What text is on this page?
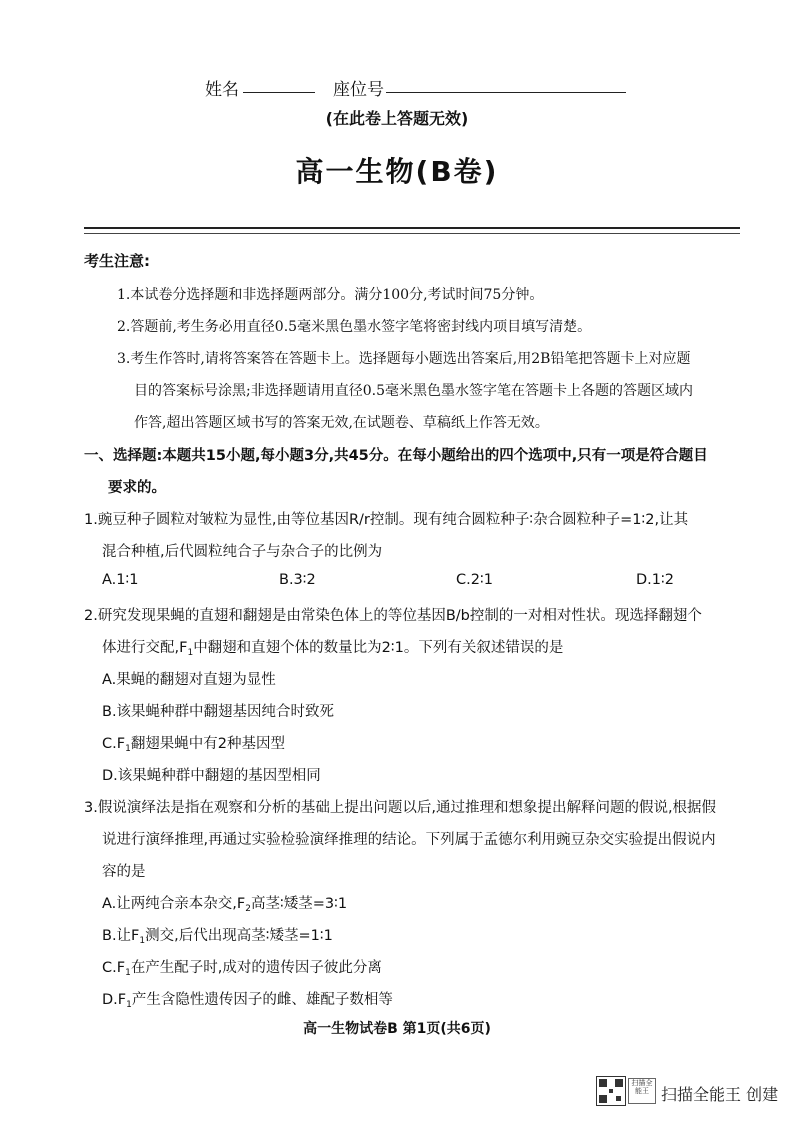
姓名	座位号
(在此卷上答题无效)
高一生物(B卷)
考生注意:
1.本试卷分选择题和非选择题两部分。满分100分,考试时间75分钟。
2.答题前,考生务必用直径0.5毫米黑色墨水签字笔将密封线内项目填写清楚。
3.考生作答时,请将答案答在答题卡上。选择题每小题选出答案后,用2B铅笔把答题卡上对应题
目的答案标号涂黑;非选择题请用直径0.5毫米黑色墨水签字笔在答题卡上各题的答题区域内
作答,超出答题区域书写的答案无效,在试题卷、草稿纸上作答无效。
一、选择题:本题共15小题,每小题3分,共45分。在每小题给出的四个选项中,只有一项是符合题目
要求的。
1.豌豆种子圆粒对皱粒为显性,由等位基因R/r控制。现有纯合圆粒种子∶杂合圆粒种子=1∶2,让其
混合种植,后代圆粒纯合子与杂合子的比例为
A.1∶1	B.3∶2	C.2∶1	D.1∶2
2.研究发现果蝇的直翅和翻翅是由常染色体上的等位基因B/b控制的一对相对性状。现选择翻翅个
体进行交配$,F_1$中翻翅和直翅个体的数量比为2∶1。下列有关叙述错误的是
A.果蝇的翻翅对直翅为显性
B.该果蝇种群中翻翅基因纯合时致死
$C.F_1$翻翅果蝇中有2种基因型
D.该果蝇种群中翻翅的基因型相同
3.假说演绎法是指在观察和分析的基础上提出问题以后,通过推理和想象提出解释问题的假说,根据假
说进行演绎推理,再通过实验检验演绎推理的结论。下列属于孟德尔利用豌豆杂交实验提出假说内
容的是
A.让两纯合亲本杂交$,F_2$高茎∶矮茎=3∶1
B.让$F_1$测交,后代出现高茎∶矮茎=1∶1
$C.F_1$在产生配子时,成对的遗传因子彼此分离
$D.F_1$产生含隐性遗传因子的雌、雄配子数相等
高一生物试卷B 第1页(共6页)
扫描全能王 扫描全能王 创建
